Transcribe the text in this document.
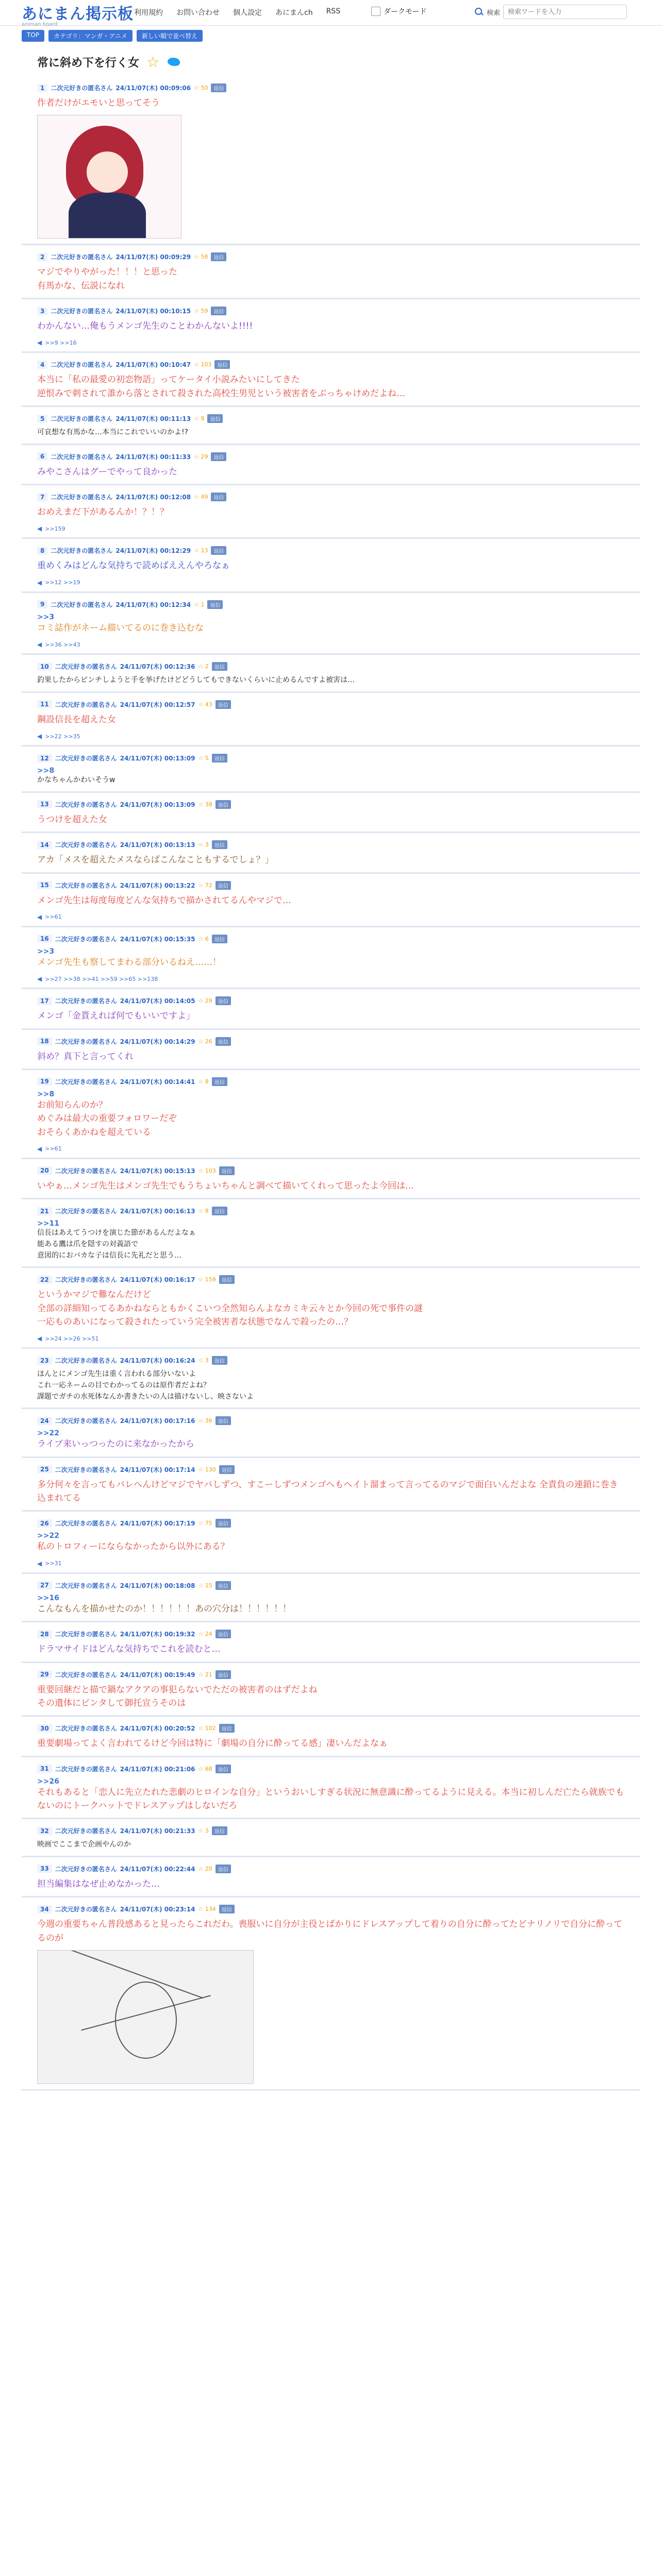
あにまん掲示板
animan board
利用規約 お問い合わせ 個人設定 あにまんch RSS	ダークモード	検索
検索ワードを入力
TOP	カテゴリ：マンガ・アニメ	新しい順で並べ替え
常に斜め下を行く女 ☆
1	二次元好きの匿名さん 24/11/07(木) 00:09:06 ☆ 50	返信
作者だけがエモいと思ってそう
2	二次元好きの匿名さん 24/11/07(木) 00:09:29 ☆ 58	返信
マジでやりやがった！！！と思った
有馬かな、伝説になれ
3	二次元好きの匿名さん 24/11/07(木) 00:10:15 ☆ 59	返信
わかんない…俺もうメンゴ先生のことわかんないよ!!!!
◀ >>9 >>16
4	二次元好きの匿名さん 24/11/07(木) 00:10:47 ☆ 103	返信
本当に「私の最愛の初恋物語」ってケータイ小説みたいにしてきた
逆恨みで刺されて誰から落とされて殺された高校生男児という被害者をぶっちゃけめだよね…
5	二次元好きの匿名さん 24/11/07(木) 00:11:13 ☆ 8	返信
可哀想な有馬かな…本当にこれでいいのかよ!?
6	二次元好きの匿名さん 24/11/07(木) 00:11:33 ☆ 29	返信
みやこさんはグーでやって良かった
7	二次元好きの匿名さん 24/11/07(木) 00:12:08 ☆ 49	返信
おめえまだ下があるんか！？！？
◀ >>159
8	二次元好きの匿名さん 24/11/07(木) 00:12:29 ☆ 13	返信
重めくみはどんな気持ちで読めばええんやろなぁ
◀ >>12 >>19
9	二次元好きの匿名さん 24/11/07(木) 00:12:34 ☆ 1	返信
>>3
コミ誌作がネーム描いてるのに巻き込むな
◀ >>36 >>43
10	二次元好きの匿名さん 24/11/07(木) 00:12:36 ☆ 2	返信
釣果したからピンチしようと手を挙げたけどどうしてもできないくらいに止めるんですよ被害は…
11	二次元好きの匿名さん 24/11/07(木) 00:12:57 ☆ 43	返信
鋼設信長を超えた女
◀ >>22 >>35
12	二次元好きの匿名さん 24/11/07(木) 00:13:09 ☆ 5	返信
>>8
かなちゃんかわいそうw
13	二次元好きの匿名さん 24/11/07(木) 00:13:09 ☆ 38	返信
うつけを超えた女
14	二次元好きの匿名さん 24/11/07(木) 00:13:13 ☆ 3	返信
アカ「メスを超えたメスならばこんなこともするでしょ？」
15	二次元好きの匿名さん 24/11/07(木) 00:13:22 ☆ 72	返信
メンゴ先生は毎度毎度どんな気持ちで描かされてるんやマジで…
◀ >>61
16	二次元好きの匿名さん 24/11/07(木) 00:15:35 ☆ 6	返信
>>3
メンゴ先生も察してまわる部分いるねえ……！
◀ >>27 >>38 >>41 >>59 >>65 >>138
17	二次元好きの匿名さん 24/11/07(木) 00:14:05 ☆ 29	返信
メンゴ「金貰えれば何でもいいですよ」
18	二次元好きの匿名さん 24/11/07(木) 00:14:29 ☆ 26	返信
斜め？真下と言ってくれ
19	二次元好きの匿名さん 24/11/07(木) 00:14:41 ☆ 8	返信
>>8
お前知らんのか？
めぐみは最大の重要フォロワーだぞ
おそらくあかねを超えている
◀ >>61
20	二次元好きの匿名さん 24/11/07(木) 00:15:13 ☆ 103	返信
いやぁ…メンゴ先生はメンゴ先生でもうちょいちゃんと調べて描いてくれって思ったよ今回は…
21	二次元好きの匿名さん 24/11/07(木) 00:16:13 ☆ 8	返信
>>11
信長はあえてうつけを演じた節があるんだよなぁ
能ある鷹は爪を隠すの対義語で
意図的におバカな子は信長に先礼だと思う…
22	二次元好きの匿名さん 24/11/07(木) 00:16:17 ☆ 159	返信
というかマジで難なんだけど
全部の詳細知ってるあかねならともかくこいつ全然知らんよなカミキ云々とか今回の死で事件の謎
一応ものあいになって殺されたっていう完全被害者な状態でなんで殺ったの…？
◀ >>24 >>26 >>51
23	二次元好きの匿名さん 24/11/07(木) 00:16:24 ☆ 3	返信
ほんとにメンゴ先生は重く言われる部分いないよ
これ一応ネームの目でわかってるのは原作者だよね？
課題でガチの水死体なんか書きたいの人は描けないし、映さないよ
24	二次元好きの匿名さん 24/11/07(木) 00:17:16 ☆ 36	返信
>>22
ライブ来いっつったのに来なかったから
25	二次元好きの匿名さん 24/11/07(木) 00:17:14 ☆ 130	返信
多分何々を言ってもバレへんけどマジでヤバしずつ、すこーしずつメンゴへもヘイト溜まって言ってるのマジで面白いんだよな 全責負の連鎖に巻き込まれてる
26	二次元好きの匿名さん 24/11/07(木) 00:17:19 ☆ 75	返信
>>22
私のトロフィーにならなかったから以外にある？
◀ >>31
27	二次元好きの匿名さん 24/11/07(木) 00:18:08 ☆ 15	返信
>>16
こんなもんを描かせたのか！！！！！！あの穴分は！！！！！！
28	二次元好きの匿名さん 24/11/07(木) 00:19:32 ☆ 24	返信
ドラマサイドはどんな気持ちでこれを読むと…
29	二次元好きの匿名さん 24/11/07(木) 00:19:49 ☆ 21	返信
重要回継だと描で鍋なアクアの事犯らないでただの被害者のはずだよね
その遺体にピンタして御托宣うそのは
30	二次元好きの匿名さん 24/11/07(木) 00:20:52 ☆ 102	返信
重要劇場ってよく言われてるけど今回は特に「劇場の自分に酔ってる感」凄いんだよなぁ
31	二次元好きの匿名さん 24/11/07(木) 00:21:06 ☆ 68	返信
>>26
それもあると「恋人に先立たれた悲劇のヒロインな自分」というおいしすぎる状況に無意識に酔ってるように見える。本当に初しんだ亡たら就族でもないのにトークハットでドレスアップはしないだろ
32	二次元好きの匿名さん 24/11/07(木) 00:21:33 ☆ 3	返信
映画でここまで企画やんのか
33	二次元好きの匿名さん 24/11/07(木) 00:22:44 ☆ 20	返信
担当編集はなぜ止めなかった…
34	二次元好きの匿名さん 24/11/07(木) 00:23:14 ☆ 134	返信
今週の重要ちゃん普段感あると見ったらこれだわ。喪服いに自分が主役とばかりにドレスアップして着りの自分に酔ってたどナリノリで自分に酔ってるのが
